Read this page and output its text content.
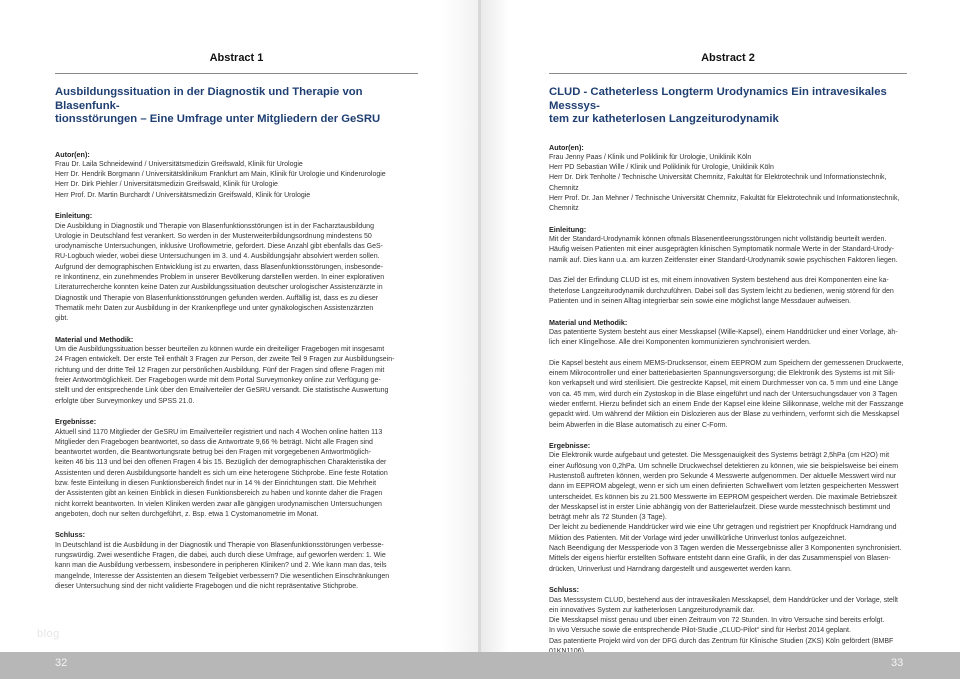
Abstract 1
Ausbildungssituation in der Diagnostik und Therapie von Blasenfunk-
tionsstörungen – Eine Umfrage unter Mitgliedern der GeSRU
Autor(en):
Frau Dr. Laila Schneidewind / Universitätsmedizin Greifswald, Klinik für Urologie
Herr Dr. Hendrik Borgmann / Universitätsklinikum Frankfurt am Main, Klinik für Urologie und Kinderurologie
Herr Dr. Dirk Piehler / Universitätsmedizin Greifswald, Klinik für Urologie
Herr Prof. Dr. Martin Burchardt / Universitätsmedizin Greifswald, Klinik für Urologie
Einleitung:
Die Ausbildung in Diagnostik und Therapie von Blasenfunktionsstörungen ist in der Facharztausbildung
Urologie in Deutschland fest verankert. So werden in der Musterweiterbildungsordnung mindestens 50
urodynamische Untersuchungen, inklusive Uroflowmetrie, gefordert. Diese Anzahl gibt ebenfalls das GeS-
RU-Logbuch wieder, wobei diese Untersuchungen im 3. und 4. Ausbildungsjahr absolviert werden sollen.
Aufgrund der demographischen Entwicklung ist zu erwarten, dass Blasenfunktionsstörungen, insbesonde-
re Inkontinenz, ein zunehmendes Problem in unserer Bevölkerung darstellen werden. In einer explorativen
Literaturrecherche konnten keine Daten zur Ausbildungssituation deutscher urologischer Assistenzärzte in
Diagnostik und Therapie von Blasenfunktionsstörungen gefunden werden. Auffällig ist, dass es zu dieser
Thematik mehr Daten zur Ausbildung in der Krankenpflege und unter gynäkologischen Assistenzärzten
gibt.
Material und Methodik:
Um die Ausbildungssituation besser beurteilen zu können wurde ein dreiteiliger Fragebogen mit insgesamt
24 Fragen entwickelt. Der erste Teil enthält 3 Fragen zur Person, der zweite Teil 9 Fragen zur Ausbildungsein-
richtung und der dritte Teil 12 Fragen zur persönlichen Ausbildung. Fünf der Fragen sind offene Fragen mit
freier Antwortmöglichkeit. Der Fragebogen wurde mit dem Portal Surveymonkey online zur Verfügung ge-
stellt und der entsprechende Link über den Emailverteiler der GeSRU versandt. Die statistische Auswertung
erfolgte über Surveymonkey und SPSS 21.0.
Ergebnisse:
Aktuell sind 1170 Mitglieder der GeSRU im Emailverteiler registriert und nach 4 Wochen online hatten 113
Mitglieder den Fragebogen beantwortet, so dass die Antwortrate 9,66 % beträgt. Nicht alle Fragen sind
beantwortet worden, die Beantwortungsrate betrug bei den Fragen mit vorgegebenen Antwortmöglich-
keiten 46 bis 113 und bei den offenen Fragen 4 bis 15. Bezüglich der demographischen Charakteristika der
Assistenten und deren Ausbildungsorte handelt es sich um eine heterogene Stichprobe. Eine feste Rotation
bzw. feste Einteilung in diesen Funktionsbereich findet nur in 14 % der Einrichtungen statt. Die Mehrheit
der Assistenten gibt an keinen Einblick in diesen Funktionsbereich zu haben und konnte daher die Fragen
nicht korrekt beantworten. In vielen Kliniken werden zwar alle gängigen urodynamischen Untersuchungen
angeboten, doch nur selten durchgeführt, z. Bsp. etwa 1 Cystomanometrie im Monat.
Schluss:
In Deutschland ist die Ausbildung in der Diagnostik und Therapie von Blasenfunktionsstörungen verbesse-
rungswürdig. Zwei wesentliche Fragen, die dabei, auch durch diese Umfrage, auf geworfen werden: 1. Wie
kann man die Ausbildung verbessern, insbesondere in peripheren Kliniken? und 2. Wie kann man das, teils
mangelnde, Interesse der Assistenten an diesem Teilgebiet verbessern? Die wesentlichen Einschränkungen
dieser Untersuchung sind der nicht validierte Fragebogen und die nicht repräsentative Stichprobe.
Abstract 2
CLUD - Catheterless Longterm Urodynamics Ein intravesikales Messsys-
tem zur katheterlosen Langzeiturodynamik
Autor(en):
Frau Jenny Paas / Klinik und Poliklinik für Urologie, Uniklinik Köln
Herr PD Sebastian Wille / Klinik und Poliklinik für Urologie, Uniklinik Köln
Herr Dr. Dirk Tenholte / Technische Universität Chemnitz, Fakultät für Elektrotechnik und Informationstechnik,
Chemnitz
Herr Prof. Dr. Jan Mehner / Technische Universität Chemnitz, Fakultät für Elektrotechnik und Informationstechnik,
Chemnitz
Einleitung:
Mit der Standard-Urodynamik können oftmals Blasenentleerungsstörungen nicht vollständig beurteilt werden.
Häufig weisen Patienten mit einer ausgeprägten klinischen Symptomatik normale Werte in der Standard-Urody-
namik auf. Dies kann u.a. am kurzen Zeitfenster einer Standard-Urodynamik sowie psychischen Faktoren liegen.
Das Ziel der Erfindung CLUD ist es, mit einem innovativen System bestehend aus drei Komponenten eine ka-
theterlose Langzeiturodynamik durchzuführen. Dabei soll das System leicht zu bedienen, wenig störend für den
Patienten und in seinen Alltag integrierbar sein sowie eine möglichst lange Messdauer aufweisen.
Material und Methodik:
Das patentierte System besteht aus einer Messkapsel (Wille-Kapsel), einem Handdrücker und einer Vorlage, äh-
lich einer Klingelhose. Alle drei Komponenten kommunizieren synchronisiert werden.
Die Kapsel besteht aus einem MEMS-Drucksensor, einem EEPROM zum Speichern der gemessenen Druckwerte,
einem Mikrocontroller und einer batteriebasierten Spannungsversorgung; die Elektronik des Systems ist mit Sili-
kon verkapselt und wird sterilisiert. Die gestreckte Kapsel, mit einem Durchmesser von ca. 5 mm und eine Länge
von ca. 45 mm, wird durch ein Zystoskop in die Blase eingeführt und nach der Untersuchungsdauer von 3 Tagen
wieder entfernt. Hierzu befindet sich an einem Ende der Kapsel eine kleine Silikonnase, welche mit der Fasszange
gepackt wird. Um während der Miktion ein Dislozieren aus der Blase zu verhindern, verformt sich die Messkapsel
beim Abwerfen in die Blase automatisch zu einer C-Form.
Ergebnisse:
Die Elektronik wurde aufgebaut und getestet. Die Messgenauigkeit des Systems beträgt 2,5hPa (cm H2O) mit
einer Auflösung von 0,2hPa. Um schnelle Druckwechsel detektieren zu können, wie sie beispielsweise bei einem
Hustenstoß auftreten können, werden pro Sekunde 4 Messwerte aufgenommen. Der aktuelle Messwert wird nur
dann im EEPROM abgelegt, wenn er sich um einen definierten Schwellwert vom letzten gespeicherten Messwert
unterscheidet. Es können bis zu 21.500 Messwerte im EEPROM gespeichert werden. Die maximale Betriebszeit
der Messkapsel ist in erster Linie abhängig von der Batterielaufzeit. Diese wurde messtechnisch bestimmt und
beträgt mehr als 72 Stunden (3 Tage).
Der leicht zu bedienende Handdrücker wird wie eine Uhr getragen und registriert per Knopfdruck Harndrang und
Miktion des Patienten. Mit der Vorlage wird jeder unwillkürliche Urinverlust tonlos aufgezeichnet.
Nach Beendigung der Messperiode von 3 Tagen werden die Messergebnisse aller 3 Komponenten synchronisiert.
Mittels der eigens hierfür erstellten Software entsteht dann eine Grafik, in der das Zusammenspiel von Blasen-
drücken, Urinverlust und Harndrang dargestellt und ausgewertet werden kann.
Schluss:
Das Messsystem CLUD, bestehend aus der intravesikalen Messkapsel, dem Handdrücker und der Vorlage, stellt
ein innovatives System zur katheterlosen Langzeiturodynamik dar.
Die Messkapsel misst genau und über einen Zeitraum von 72 Stunden. In vitro Versuche sind bereits erfolgt.
In vivo Versuche sowie die entsprechende Pilot-Studie „CLUD-Pilot“ sind für Herbst 2014 geplant.
Das patentierte Projekt wird von der DFG durch das Zentrum für Klinische Studien (ZKS) Köln gefördert (BMBF
blog
32	33
